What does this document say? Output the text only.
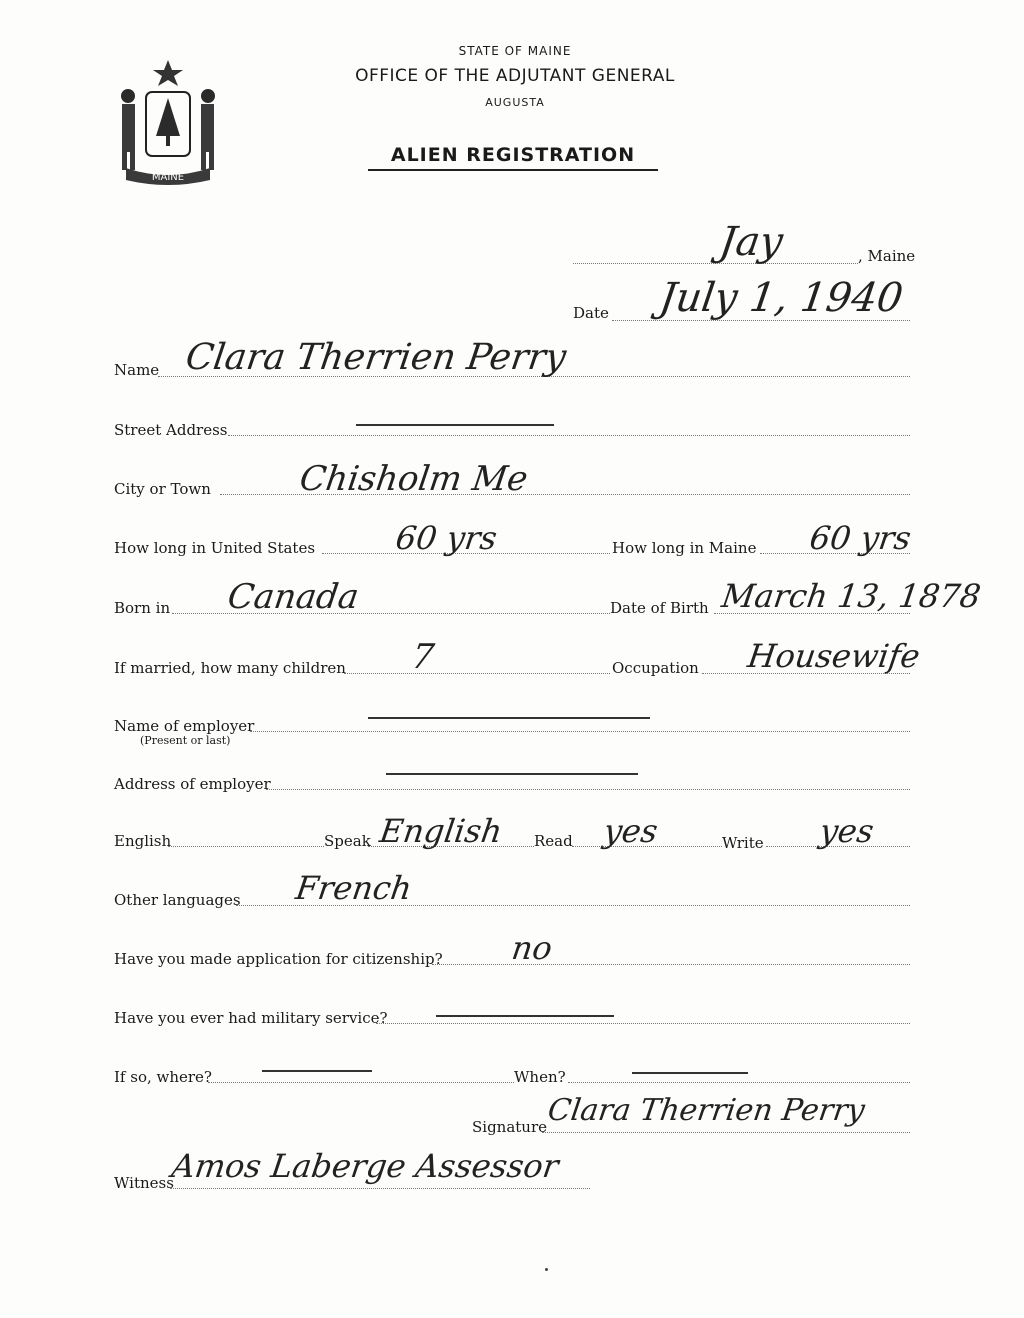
MAINE
STATE OF MAINE
OFFICE OF THE ADJUTANT GENERAL
AUGUSTA
ALIEN REGISTRATION
, Maine
Jay
Date July 1, 1940
Name Clara Therrien Perry
Street Address
City or Town	Chisholm Me
How long in United States 60 yrs	How long in Maine 60 yrs
Born in Canada	Date of Birth March 13, 1878
If married, how many children 7	Occupation Housewife
Name of employer
(Present or last)
Address of employer
English	Speak English Read yes	Write yes
Other languages French
Have you made application for citizenship? no
Have you ever had military service?
If so, where?	When?
Signature
Clara Therrien Perry
Witness
Amos Laberge Assessor
